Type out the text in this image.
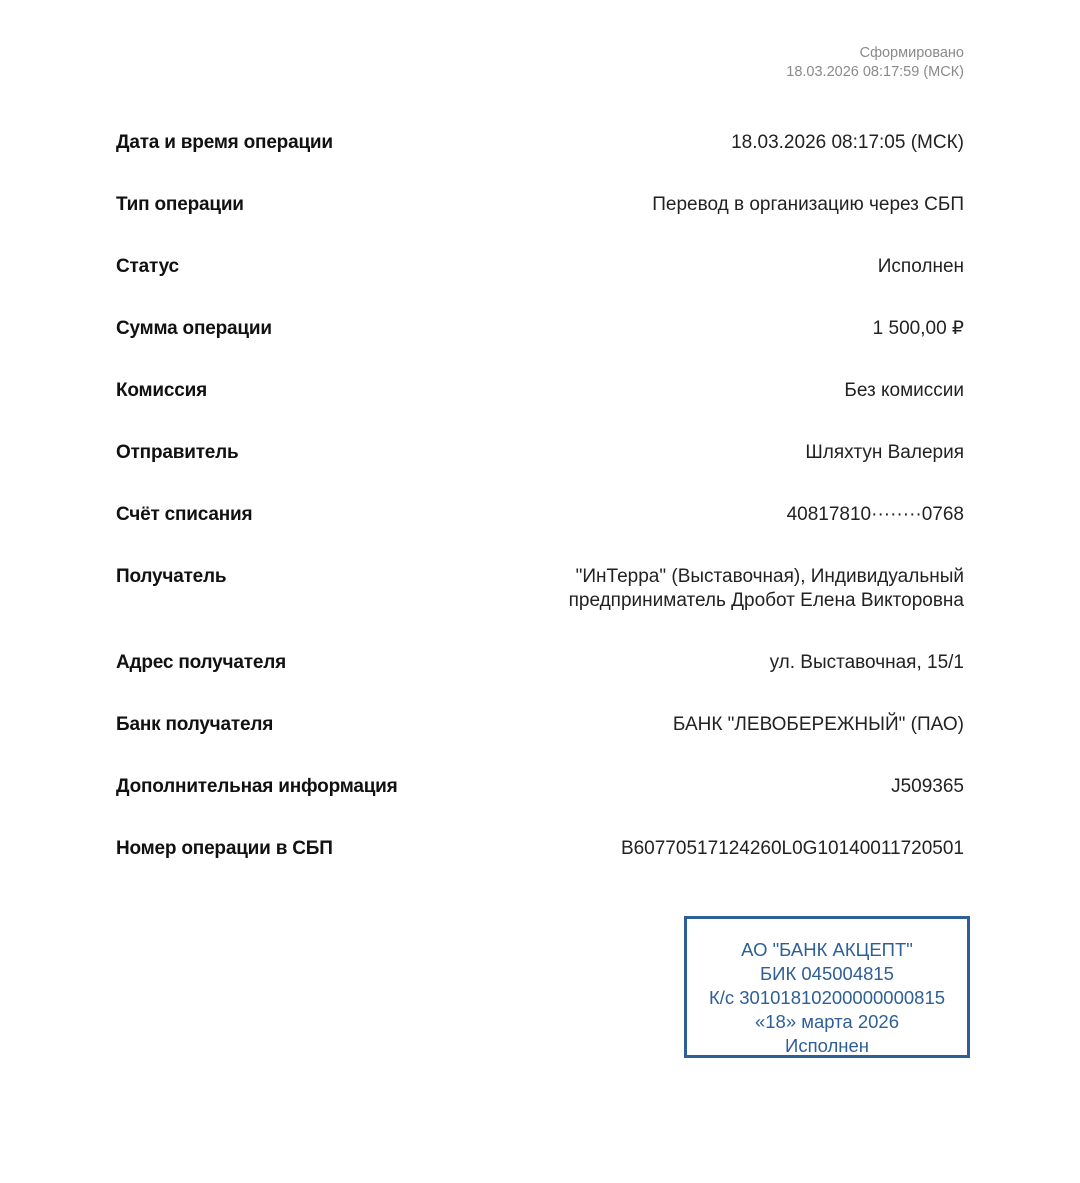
Сформировано
18.03.2026 08:17:59 (МСК)
Дата и время операции	18.03.2026 08:17:05 (МСК)
Тип операции	Перевод в организацию через СБП
Статус	Исполнен
Сумма операции	1 500,00 ₽
Комиссия	Без комиссии
Отправитель	Шляхтун Валерия
Счёт списания	40817810········0768
Получатель	"ИнТерра" (Выставочная), Индивидуальный предприниматель Дробот Елена Викторовна
Адрес получателя	ул. Выставочная, 15/1
Банк получателя	БАНК "ЛЕВОБЕРЕЖНЫЙ" (ПАО)
Дополнительная информация	J509365
Номер операции в СБП	B60770517124260L0G10140011720501
АО "БАНК АКЦЕПТ"
БИК 045004815
К/с 30101810200000000815
«18» марта 2026
Исполнен
